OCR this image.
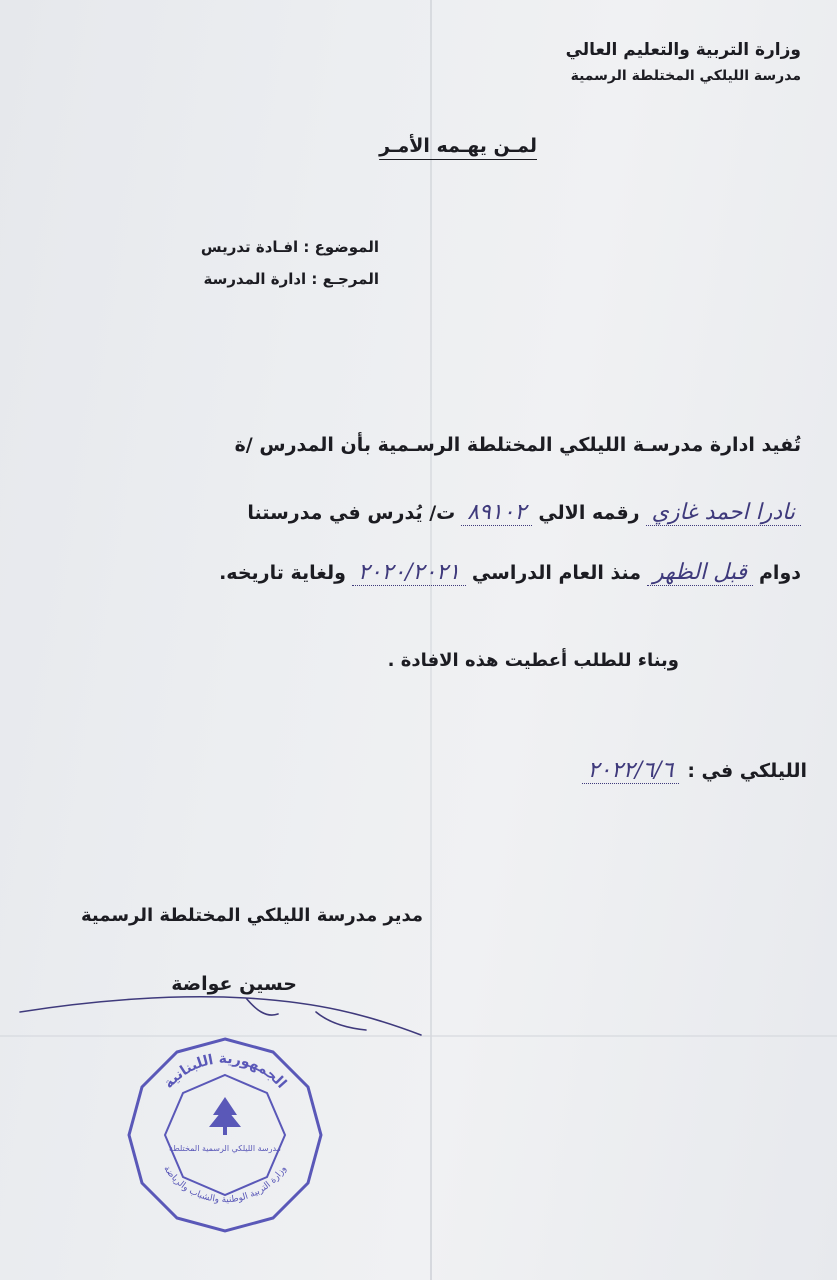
وزارة التربية والتعليم العالي
مدرسة الليلكي المختلطة الرسمية
لمـن يهـمه الأمـر
الموضوع : افـادة تدريس
المرجـع : ادارة المدرسة
تُفيد ادارة مدرسـة الليلكي المختلطة الرسـمية بأن المدرس /ة
نادرا احمد غازي
رقمه الالي
٨٩١٠٢
ت/ يُدرس في مدرستنا
دوام
قبل الظهر
منذ العام الدراسي
٢٠٢٠/٢٠٢١
ولغاية تاريخه.
وبناء للطلب أعطيت هذه الافادة .
الليلكي في :
٢٠٢٢/٦/٦
مدير مدرسة الليلكي المختلطة الرسمية
حسين عواضة
الجمهورية اللبنانية
وزارة التربية الوطنية والشباب والرياضة
مدرسة الليلكي الرسمية المختلطة
